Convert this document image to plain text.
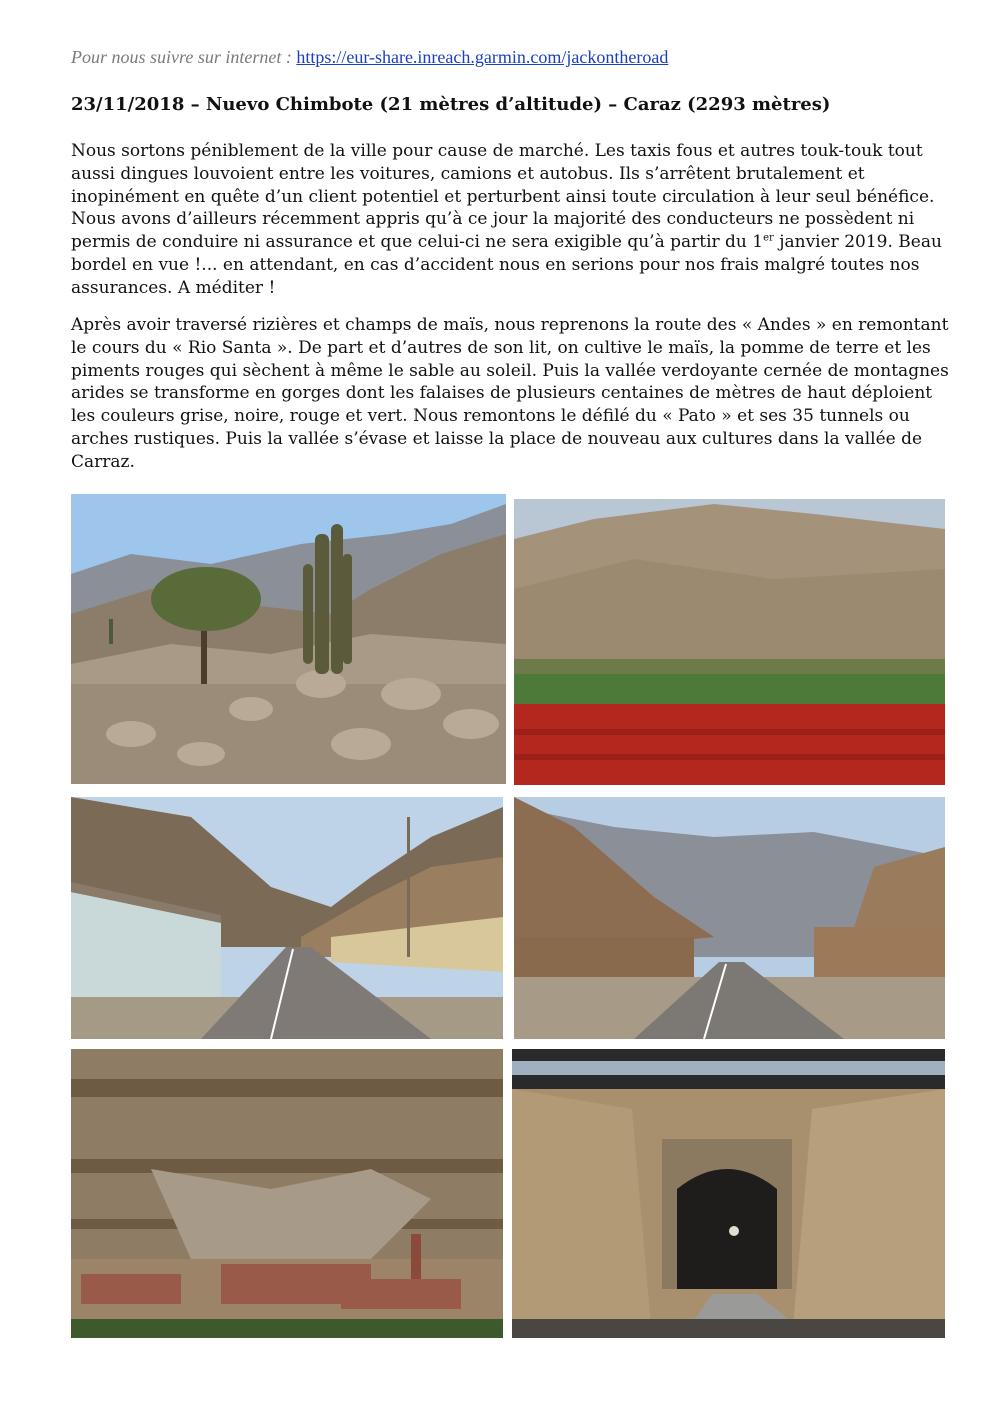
Pour nous suivre sur internet : https://eur-share.inreach.garmin.com/jackontheroad
23/11/2018 – Nuevo Chimbote (21 mètres d’altitude) – Caraz (2293 mètres)

Nous sortons péniblement de la ville pour cause de marché. Les taxis fous et autres touk-touk tout aussi dingues louvoient entre les voitures, camions et autobus. Ils s’arrêtent brutalement et inopinément en quête d’un client potentiel et perturbent ainsi toute circulation à leur seul bénéfice. Nous avons d’ailleurs récemment appris qu’à ce jour la majorité des conducteurs ne possèdent ni permis de conduire ni assurance et que celui-ci ne sera exigible qu’à partir du 1er janvier 2019. Beau bordel en vue !... en attendant, en cas d’accident nous en serions pour nos frais malgré toutes nos assurances. A méditer !

Après avoir traversé rizières et champs de maïs, nous reprenons la route des « Andes » en remontant le cours du « Rio Santa ». De part et d’autres de son lit, on cultive le maïs, la pomme de terre et les piments rouges qui sèchent à même le sable au soleil. Puis la vallée verdoyante cernée de montagnes arides se transforme en gorges dont les falaises de plusieurs centaines de mètres de haut déploient les couleurs grise, noire, rouge et vert. Nous remontons le défilé du « Pato » et ses 35 tunnels ou arches rustiques. Puis la vallée s’évase et laisse la place de nouveau aux cultures dans la vallée de Carraz.
